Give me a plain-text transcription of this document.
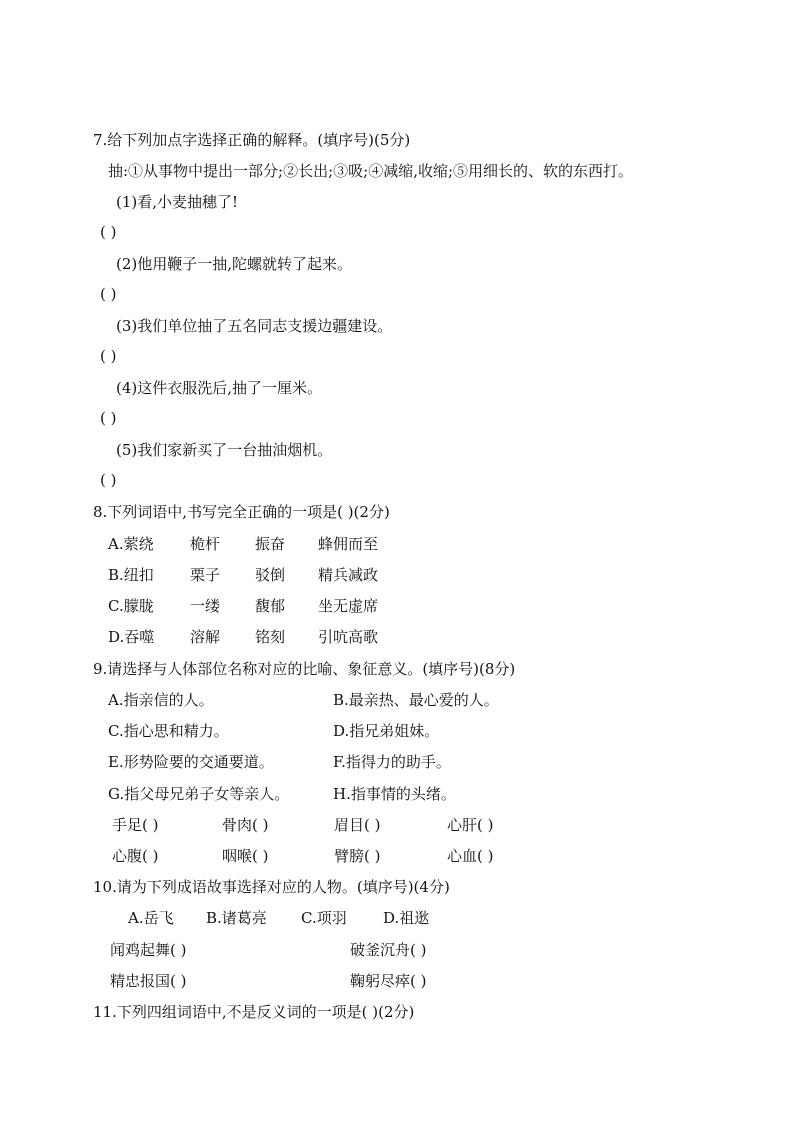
7.给下列加点字选择正确的解释。(填序号)(5分)
抽:①从事物中提出一部分;②长出;③吸;④减缩,收缩;⑤用细长的、软的东西打。
(1)看,小麦抽穗了!
( )
(2)他用鞭子一抽,陀螺就转了起来。
( )
(3)我们单位抽了五名同志支援边疆建设。
( )
(4)这件衣服洗后,抽了一厘米。
( )
(5)我们家新买了一台抽油烟机。
( )
8.下列词语中,书写完全正确的一项是( )(2分)
A.萦绕 桅杆 振奋 蜂佣而至
B.纽扣 栗子 驳倒 精兵减政
C.朦胧 一缕 馥郁 坐无虚席
D.吞噬 溶解 铭刻 引吭高歌
9.请选择与人体部位名称对应的比喻、象征意义。(填序号)(8分)
A.指亲信的人。	B.最亲热、最心爱的人。
C.指心思和精力。	D.指兄弟姐妹。
E.形势险要的交通要道。	F.指得力的助手。
G.指父母兄弟子女等亲人。	H.指事情的头绪。
手足( )	骨肉( )	眉目( )	心肝( )
心腹( )	咽喉( )	臂膀( )	心血( )
10.请为下列成语故事选择对应的人物。(填序号)(4分)
A.岳飞 B.诸葛亮 C.项羽 D.祖逖
闻鸡起舞( )	破釜沉舟( )
精忠报国( )	鞠躬尽瘁( )
11.下列四组词语中,不是反义词的一项是( )(2分)
